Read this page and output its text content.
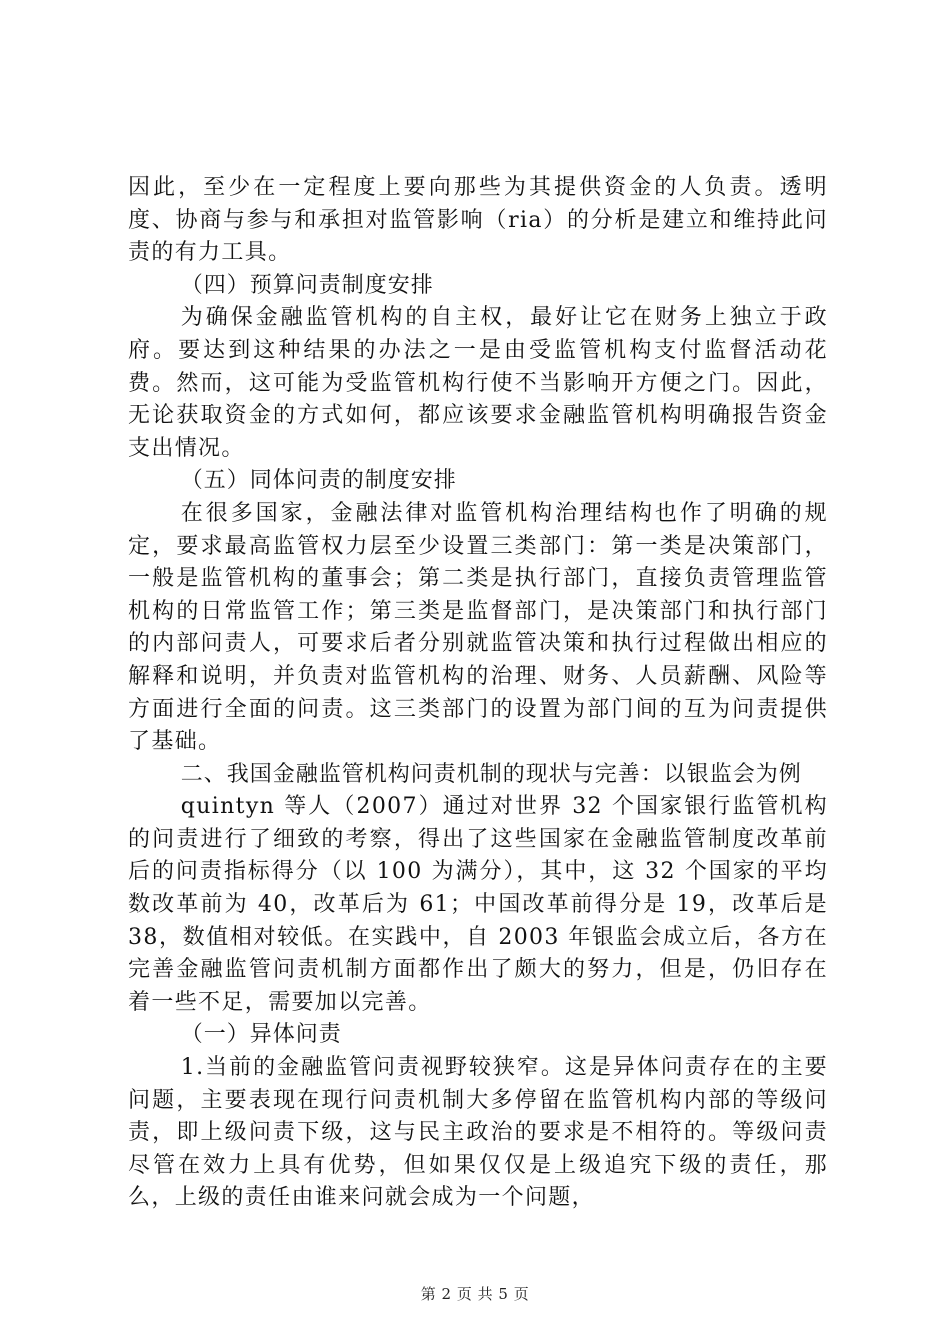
因此，至少在一定程度上要向那些为其提供资金的人负责。透明度、协商与参与和承担对监管影响（ria）的分析是建立和维持此问责的有力工具。

（四）预算问责制度安排

为确保金融监管机构的自主权，最好让它在财务上独立于政府。要达到这种结果的办法之一是由受监管机构支付监督活动花费。然而，这可能为受监管机构行使不当影响开方便之门。因此，无论获取资金的方式如何，都应该要求金融监管机构明确报告资金支出情况。

（五）同体问责的制度安排

在很多国家，金融法律对监管机构治理结构也作了明确的规定，要求最高监管权力层至少设置三类部门：第一类是决策部门，一般是监管机构的董事会；第二类是执行部门，直接负责管理监管机构的日常监管工作；第三类是监督部门，是决策部门和执行部门的内部问责人，可要求后者分别就监管决策和执行过程做出相应的解释和说明，并负责对监管机构的治理、财务、人员薪酬、风险等方面进行全面的问责。这三类部门的设置为部门间的互为问责提供了基础。

二、我国金融监管机构问责机制的现状与完善：以银监会为例

quintyn 等人（2007）通过对世界 32 个国家银行监管机构的问责进行了细致的考察，得出了这些国家在金融监管制度改革前后的问责指标得分（以 100 为满分），其中，这 32 个国家的平均数改革前为 40，改革后为 61；中国改革前得分是 19，改革后是 38，数值相对较低。在实践中，自 2003 年银监会成立后，各方在完善金融监管问责机制方面都作出了颇大的努力，但是，仍旧存在着一些不足，需要加以完善。

（一）异体问责

1.当前的金融监管问责视野较狭窄。这是异体问责存在的主要问题，主要表现在现行问责机制大多停留在监管机构内部的等级问责，即上级问责下级，这与民主政治的要求是不相符的。等级问责尽管在效力上具有优势，但如果仅仅是上级追究下级的责任，那么，上级的责任由谁来问就会成为一个问题，

第 2 页 共 5 页
